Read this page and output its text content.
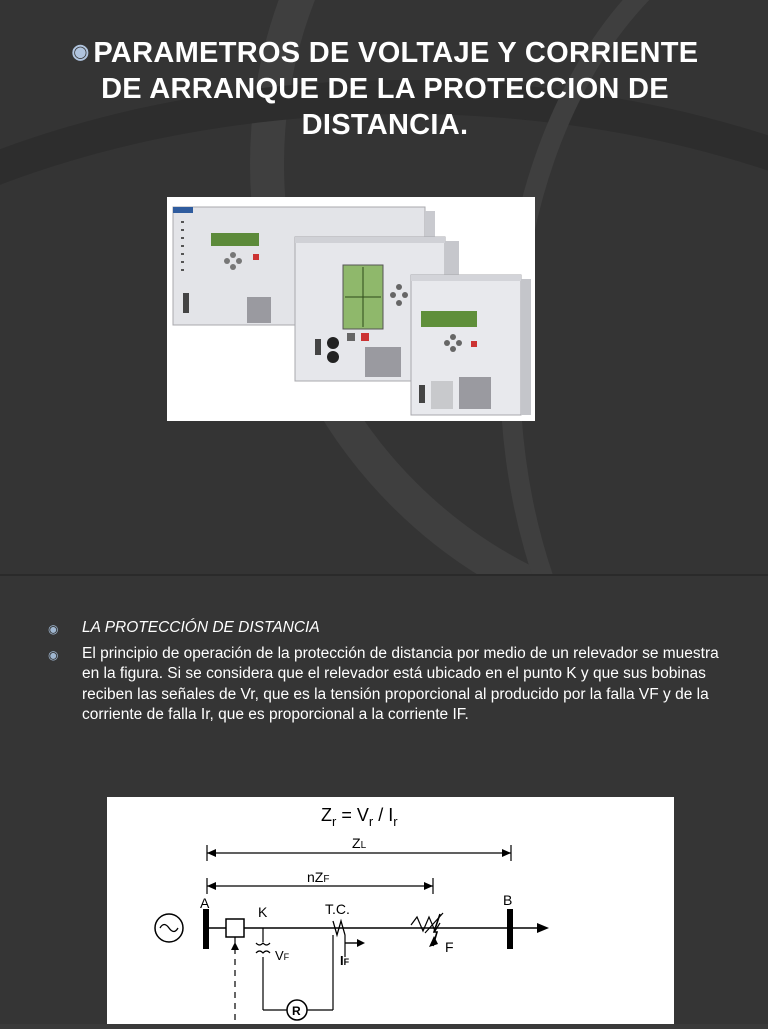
◉ PARAMETROS DE VOLTAJE Y CORRIENTE DE ARRANQUE DE LA PROTECCION DE DISTANCIA.
◉ LA PROTECCIÓN DE DISTANCIA
◉ El principio de operación de la protección de distancia por medio de un relevador se muestra en la figura. Si se considera que el relevador está ubicado en el punto K y que sus bobinas reciben las señales de Vr, que es la tensión proporcional al producido por la falla VF y de la corriente de falla Ir, que es proporcional a la corriente IF.
$Z_r = V_r / I_r$
ZL
nZF
A	B
K
VF
R
T.C.
IF
F
